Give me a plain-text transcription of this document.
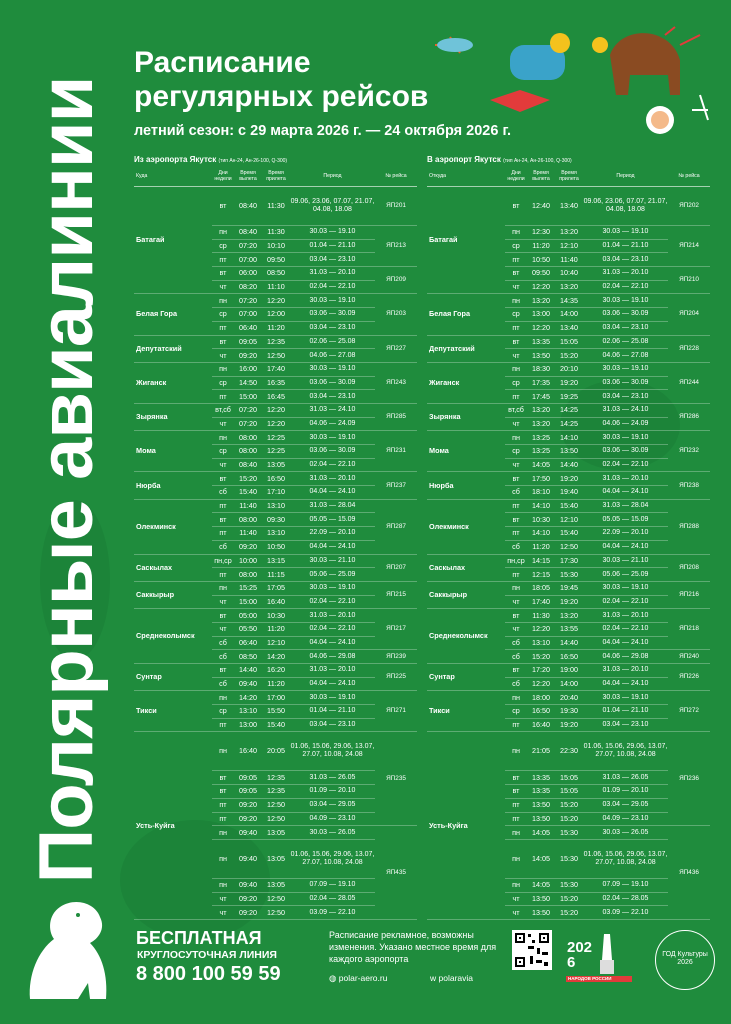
Полярные авиалинии
Расписание
регулярных рейсов
летний сезон: с 29 марта 2026 г. — 24 октября 2026 г.
Из аэропорта Якутск (тип Ан-24, Ан-26-100, Q-300)
Куда	Дни недели	Время вылета	Время прилета	Период	№ рейса
Батагай	вт	08:40	11:30	09.06, 23.06, 07.07, 21.07, 04.08, 18.08	ЯП201
	пн	08:40	11:30	30.03 — 19.10	ЯП213
	ср	07:20	10:10	01.04 — 21.10	
	пт	07:00	09:50	03.04 — 23.10	
	вт	06:00	08:50	31.03 — 20.10	ЯП209
	чт	08:20	11:10	02.04 — 22.10	
Белая Гора	пн	07:20	12:20	30.03 — 19.10	ЯП203
	ср	07:00	12:00	03.06 — 30.09	
	пт	06:40	11:20	03.04 — 23.10	
Депутатский	вт	09:05	12:35	02.06 — 25.08	ЯП227
	чт	09:20	12:50	04.06 — 27.08	
Жиганск	пн	16:00	17:40	30.03 — 19.10	ЯП243
	ср	14:50	16:35	03.06 — 30.09	
	пт	15:00	16:45	03.04 — 23.10	
Зырянка	вт,сб	07:20	12:20	31.03 — 24.10	ЯП285
	чт	07:20	12:20	04.06 — 24.09	
Мома	пн	08:00	12:25	30.03 — 19.10	ЯП231
	ср	08:00	12:25	03.06 — 30.09	
	чт	08:40	13:05	02.04 — 22.10	
Нюрба	вт	15:20	16:50	31.03 — 20.10	ЯП237
	сб	15:40	17:10	04.04 — 24.10	
Олекминск	пт	11:40	13:10	31.03 — 28.04	ЯП287
	вт	08:00	09:30	05.05 — 15.09	
	пт	11:40	13:10	22.09 — 20.10	
	сб	09:20	10:50	04.04 — 24.10	
Саскылах	пн,ср	10:00	13:15	30.03 — 21.10	ЯП207
	пт	08:00	11:15	05.06 — 25.09	
Саккырыр	пн	15:25	17:05	30.03 — 19.10	ЯП215
	чт	15:00	16:40	02.04 — 22.10	
Среднеколымск	вт	05:00	10:30	31.03 — 20.10	ЯП217
	чт	05:50	11:20	02.04 — 22.10	
	сб	06:40	12:10	04.04 — 24.10	
	сб	08:50	14:20	04.06 — 29.08	ЯП239
Сунтар	вт	14:40	16:20	31.03 — 20.10	ЯП225
	сб	09:40	11:20	04.04 — 24.10	
Тикси	пн	14:20	17:00	30.03 — 19.10	ЯП271
	ср	13:10	15:50	01.04 — 21.10	
	пт	13:00	15:40	03.04 — 23.10	
Усть-Куйга	пн	16:40	20:05	01.06, 15.06, 29.06, 13.07, 27.07, 10.08, 24.08	ЯП235
	вт	09:05	12:35	31.03 — 26.05	
	вт	09:05	12:35	01.09 — 20.10	
	пт	09:20	12:50	03.04 — 29.05	
	пт	09:20	12:50	04.09 — 23.10	
	пн	09:40	13:05	30.03 — 26.05	ЯП435
	пн	09:40	13:05	01.06, 15.06, 29.06, 13.07, 27.07, 10.08, 24.08	
	пн	09:40	13:05	07.09 — 19.10	
	чт	09:20	12:50	02.04 — 28.05	
	чт	09:20	12:50	03.09 — 22.10	
В аэропорт Якутск (тип Ан-24, Ан-26-100, Q-300)
Откуда	Дни недели	Время вылета	Время прилета	Период	№ рейса
Батагай	вт	12:40	13:40	09.06, 23.06, 07.07, 21.07, 04.08, 18.08	ЯП202
	пн	12:30	13:20	30.03 — 19.10	ЯП214
	ср	11:20	12:10	01.04 — 21.10	
	пт	10:50	11:40	03.04 — 23.10	
	вт	09:50	10:40	31.03 — 20.10	ЯП210
	чт	12:20	13:20	02.04 — 22.10	
Белая Гора	пн	13:20	14:35	30.03 — 19.10	ЯП204
	ср	13:00	14:00	03.06 — 30.09	
	пт	12:20	13:40	03.04 — 23.10	
Депутатский	вт	13:35	15:05	02.06 — 25.08	ЯП228
	чт	13:50	15:20	04.06 — 27.08	
Жиганск	пн	18:30	20:10	30.03 — 19.10	ЯП244
	ср	17:35	19:20	03.06 — 30.09	
	пт	17:45	19:25	03.04 — 23.10	
Зырянка	вт,сб	13:20	14:25	31.03 — 24.10	ЯП286
	чт	13:20	14:25	04.06 — 24.09	
Мома	пн	13:25	14:10	30.03 — 19.10	ЯП232
	ср	13:25	13:50	03.06 — 30.09	
	чт	14:05	14:40	02.04 — 22.10	
Нюрба	вт	17:50	19:20	31.03 — 20.10	ЯП238
	сб	18:10	19:40	04.04 — 24.10	
Олекминск	пт	14:10	15:40	31.03 — 28.04	ЯП288
	вт	10:30	12:10	05.05 — 15.09	
	пт	14:10	15:40	22.09 — 20.10	
	сб	11:20	12:50	04.04 — 24.10	
Саскылах	пн,ср	14:15	17:30	30.03 — 21.10	ЯП208
	пт	12:15	15:30	05.06 — 25.09	
Саккырыр	пн	18:05	19:45	30.03 — 19.10	ЯП216
	чт	17:40	19:20	02.04 — 22.10	
Среднеколымск	вт	11:30	13:20	31.03 — 20.10	ЯП218
	чт	12:20	13:55	02.04 — 22.10	
	сб	13:10	14:40	04.04 — 24.10	
	сб	15:20	16:50	04.06 — 29.08	ЯП240
Сунтар	вт	17:20	19:00	31.03 — 20.10	ЯП226
	сб	12:20	14:00	04.04 — 24.10	
Тикси	пн	18:00	20:40	30.03 — 19.10	ЯП272
	ср	16:50	19:30	01.04 — 21.10	
	пт	16:40	19:20	03.04 — 23.10	
Усть-Куйга	пн	21:05	22:30	01.06, 15.06, 29.06, 13.07, 27.07, 10.08, 24.08	ЯП236
	вт	13:35	15:05	31.03 — 26.05	
	вт	13:35	15:05	01.09 — 20.10	
	пт	13:50	15:20	03.04 — 29.05	
	пт	13:50	15:20	04.09 — 23.10	
	пн	14:05	15:30	30.03 — 26.05	ЯП436
	пн	14:05	15:30	01.06, 15.06, 29.06, 13.07, 27.07, 10.08, 24.08	
	пн	14:05	15:30	07.09 — 19.10	
	чт	13:50	15:20	02.04 — 28.05	
	чт	13:50	15:20	03.09 — 22.10	
БЕСПЛАТНАЯ
КРУГЛОСУТОЧНАЯ ЛИНИЯ
8 800 100 59 59
Расписание рекламное, возможны изменения. Указано местное время для каждого аэропорта
◍ polar-aero.ru	ᴡ polaravia
2026
НАРОДОВ РОССИИ
ГОД Культуры 2026
